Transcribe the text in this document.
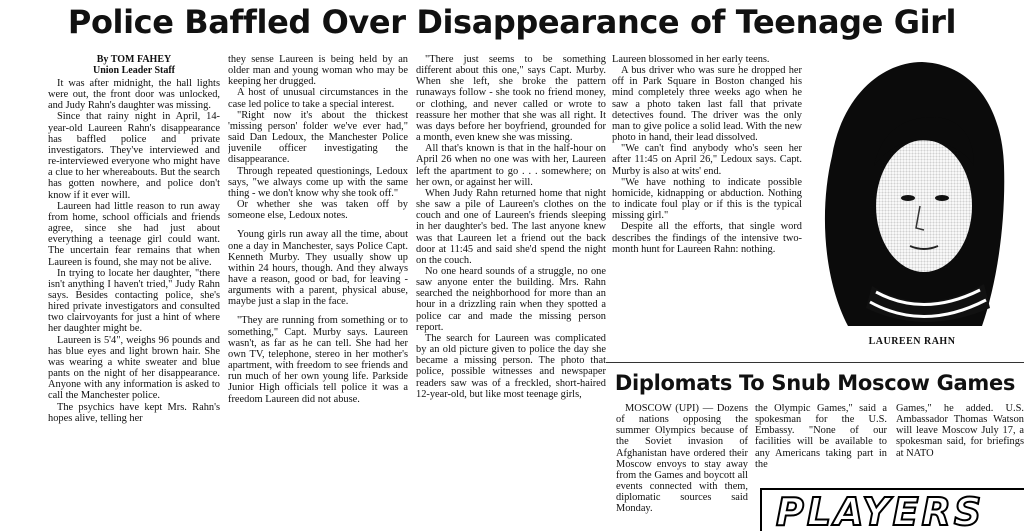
Police Baffled Over Disappearance of Teenage Girl
By TOM FAHEY
Union Leader Staff

It was after midnight, the hall lights were out, the front door was unlocked, and Judy Rahn's daughter was missing.

Since that rainy night in April, 14-year-old Laureen Rahn's disappearance has baffled police and private investigators. They've interviewed and re-interviewed everyone who might have a clue to her whereabouts. But the search has gotten nowhere, and police don't know if it ever will.

Laureen had little reason to run away from home, school officials and friends agree, since she had just about everything a teenage girl could want. The uncertain fear remains that when Laureen is found, she may not be alive.

In trying to locate her daughter, "there isn't anything I haven't tried," Judy Rahn says. Besides contacting police, she's hired private investigators and consulted two clairvoyants for just a hint of where her daughter might be.

Laureen is 5'4", weighs 96 pounds and has blue eyes and light brown hair. She was wearing a white sweater and blue pants on the night of her disappearance. Anyone with any information is asked to call the Manchester police.

The psychics have kept Mrs. Rahn's hopes alive, telling her

they sense Laureen is being held by an older man and young woman who may be keeping her drugged.

A host of unusual circumstances in the case led police to take a special interest.

"Right now it's about the thickest 'missing person' folder we've ever had," said Dan Ledoux, the Manchester Police juvenile officer investigating the disappearance.

Through repeated questionings, Ledoux says, "we always come up with the same thing - we don't know why she took off."

Or whether she was taken off by someone else, Ledoux notes.

Young girls run away all the time, about one a day in Manchester, says Police Capt. Kenneth Murby. They usually show up within 24 hours, though. And they always have a reason, good or bad, for leaving - arguments with a parent, physical abuse, maybe just a slap in the face.

"They are running from something or to something," Capt. Murby says. Laureen wasn't, as far as he can tell. She had her own TV, telephone, stereo in her mother's apartment, with freedom to see friends and run much of her own young life. Parkside Junior High officials tell police it was a freedom Laureen did not abuse.

"There just seems to be something different about this one," says Capt. Murby. When she left, she broke the pattern runaways follow - she took no friend money, or clothing, and never called or wrote to reassure her mother that she was all right. It was days before her boyfriend, grounded for a month, even knew she was missing.

All that's known is that in the half-hour on April 26 when no one was with her, Laureen left the apartment to go . . . somewhere; on her own, or against her will.

When Judy Rahn returned home that night she saw a pile of Laureen's clothes on the couch and one of Laureen's friends sleeping in her daughter's bed. The last anyone knew was that Laureen let a friend out the back door at 11:45 and said she'd spend the night on the couch.

No one heard sounds of a struggle, no one saw anyone enter the building. Mrs. Rahn searched the neighborhood for more than an hour in a drizzling rain when they spotted a police car and made the missing person report.

The search for Laureen was complicated by an old picture given to police the day she became a missing person. The photo that police, possible witnesses and newspaper readers saw was of a freckled, short-haired 12-year-old, but like most teenage girls,

Laureen blossomed in her early teens.

A bus driver who was sure he dropped her off in Park Square in Boston changed his mind completely three weeks ago when he saw a photo taken last fall that private detectives found. The driver was the only man to give police a solid lead. With the new photo in hand, their lead dissolved.

"We can't find anybody who's seen her after 11:45 on April 26," Ledoux says. Capt. Murby is also at wits' end.

"We have nothing to indicate possible homicide, kidnapping or abduction. Nothing to indicate foul play or if this is the typical missing girl."

Despite all the efforts, that single word describes the findings of the intensive two-month hunt for Laureen Rahn: nothing.

LAUREEN RAHN
Diplomats To Snub Moscow Games

MOSCOW (UPI) — Dozens of nations opposing the summer Olympics because of the Soviet invasion of Afghanistan have ordered their Moscow envoys to stay away from the Games and boycott all events connected with them, diplomatic sources said Monday.

the Olympic Games," said a spokesman for the U.S. Embassy. "None of our facilities will be available to any Americans taking part in the

Games," he added. U.S. Ambassador Thomas Watson will leave Moscow July 17, a spokesman said, for briefings at NATO

PLAYERS
